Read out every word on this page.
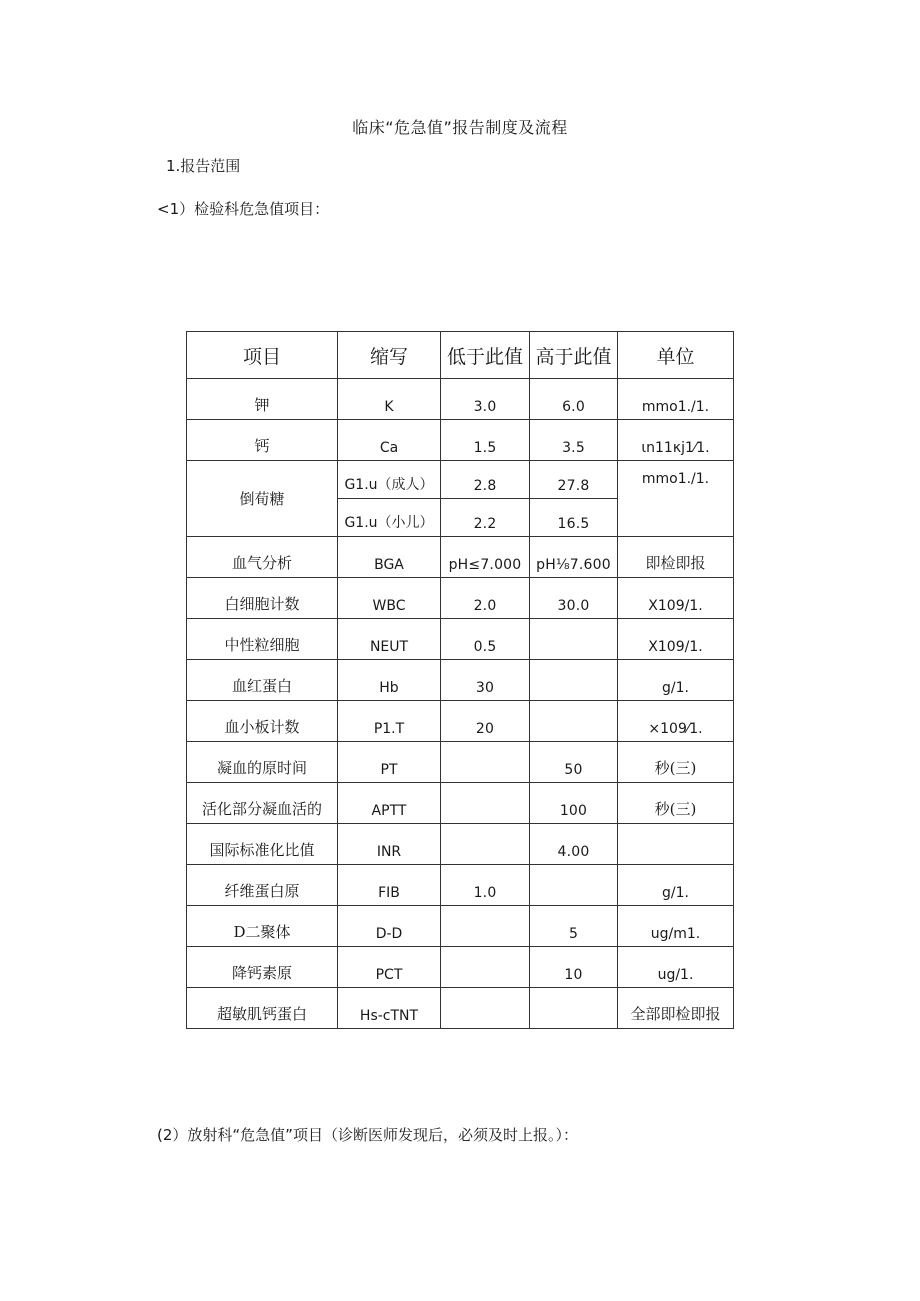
临床“危急值”报告制度及流程
1.报告范围
<1）检验科危急值项目：
项目	缩写	低于此值	高于此值	单位
钾	K	3.0	6.0	mmo1./1.
钙	Ca	1.5	3.5	ιn11κj1⁄1.
倒荀糖	G1.u（成人）	2.8	27.8	mmo1./1.
	G1.u（小儿）	2.2	16.5	
血气分析	BGA	pH≤7.000	pH⅛7.600	即检即报
白细胞计数	WBC	2.0	30.0	X109/1.
中性粒细胞	NEUT	0.5		X109/1.
血红蛋白	Hb	30		g/1.
血小板计数	P1.T	20		×109⁄1.
凝血的原时间	PT		50	秒(三)
活化部分凝血活的	APTT		100	秒(三)
国际标准化比值	INR		4.00	
纤维蛋白原	FIB	1.0		g/1.
D二聚体	D-D		5	ug/m1.
降钙素原	PCT		10	ug/1.
超敏肌钙蛋白	Hs-cTNT			全部即检即报
(2）放射科“危急值”项目（诊断医师发现后，必须及时上报。）：
